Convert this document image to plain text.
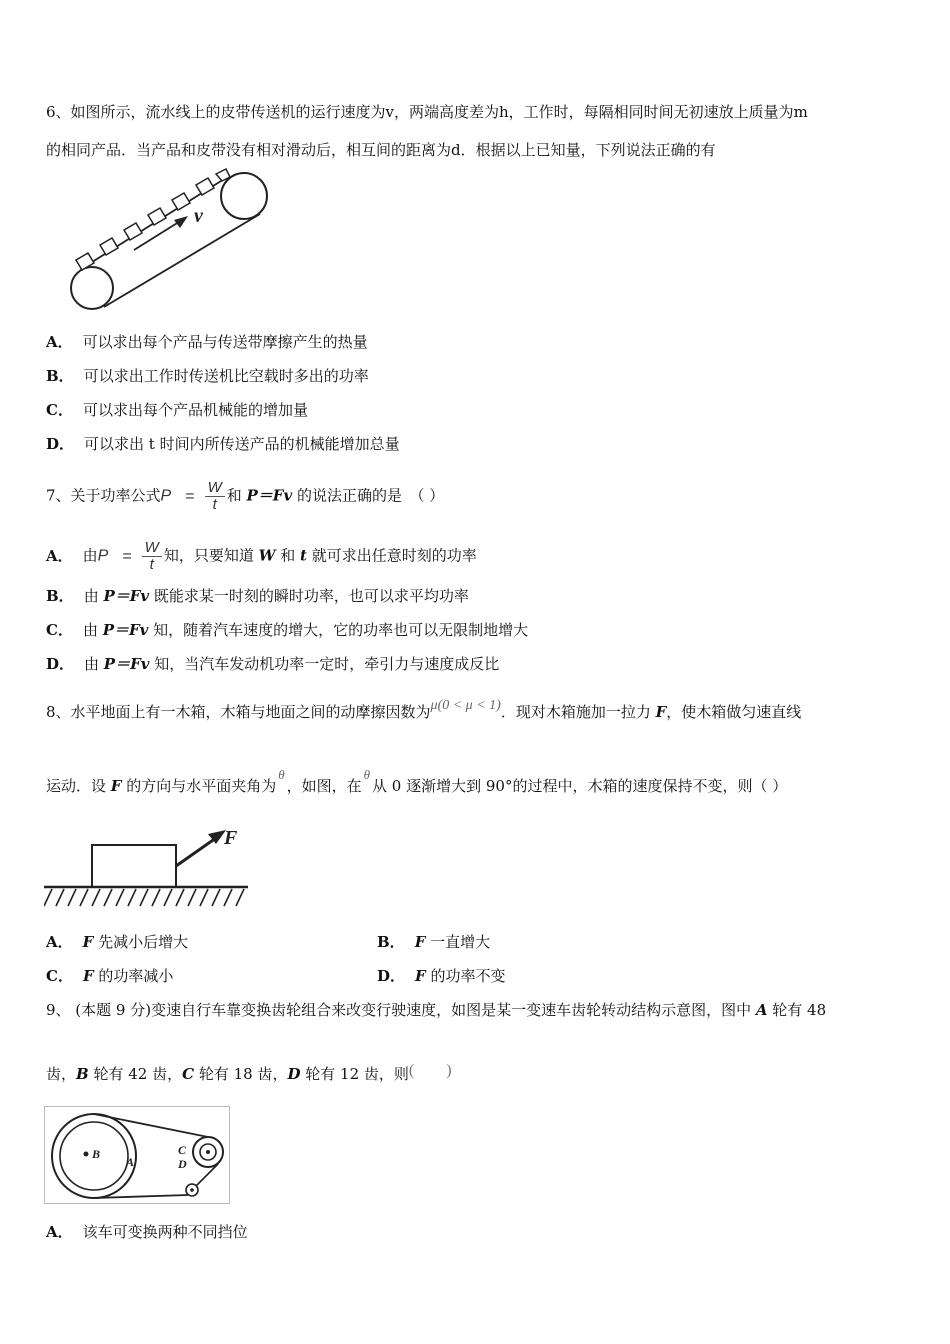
6、如图所示，流水线上的皮带传送机的运行速度为v，两端高度差为h，工作时，每隔相同时间无初速放上质量为m
的相同产品．当产品和皮带没有相对滑动后，相互间的距离为d．根据以上已知量，下列说法正确的有
v
A． 可以求出每个产品与传送带摩擦产生的热量
B． 可以求出工作时传送机比空载时多出的功率
C． 可以求出每个产品机械能的增加量
D． 可以求出 t 时间内所传送产品的机械能增加总量
7、关于功率公式$P = \frac{W}{t}$ 和 P＝Fv 的说法正确的是　（ ）
A． 由$P = \frac{W}{t}$ 知，只要知道 W 和 t 就可求出任意时刻的功率
B． 由 P＝Fv 既能求某一时刻的瞬时功率，也可以求平均功率
C． 由 P＝Fv 知，随着汽车速度的增大，它的功率也可以无限制地增大
D． 由 P＝Fv 知，当汽车发动机功率一定时，牵引力与速度成反比
8、水平地面上有一木箱，木箱与地面之间的动摩擦因数为μ(0 < μ < 1)．现对木箱施加一拉力 F，使木箱做匀速直线
运动．设 F 的方向与水平面夹角为θ，如图，在θ从 0 逐渐增大到 90°的过程中，木箱的速度保持不变，则（ ）
F
A． F 先减小后增大	B． F 一直增大
C． F 的功率减小	D． F 的功率不变
9、 (本题 9 分)变速自行车靠变换齿轮组合来改变行驶速度，如图是某一变速车齿轮转动结构示意图，图中 A 轮有 48
齿，B 轮有 42 齿，C 轮有 18 齿，D 轮有 12 齿，则(　　)
B
A
C
D
A． 该车可变换两种不同挡位
